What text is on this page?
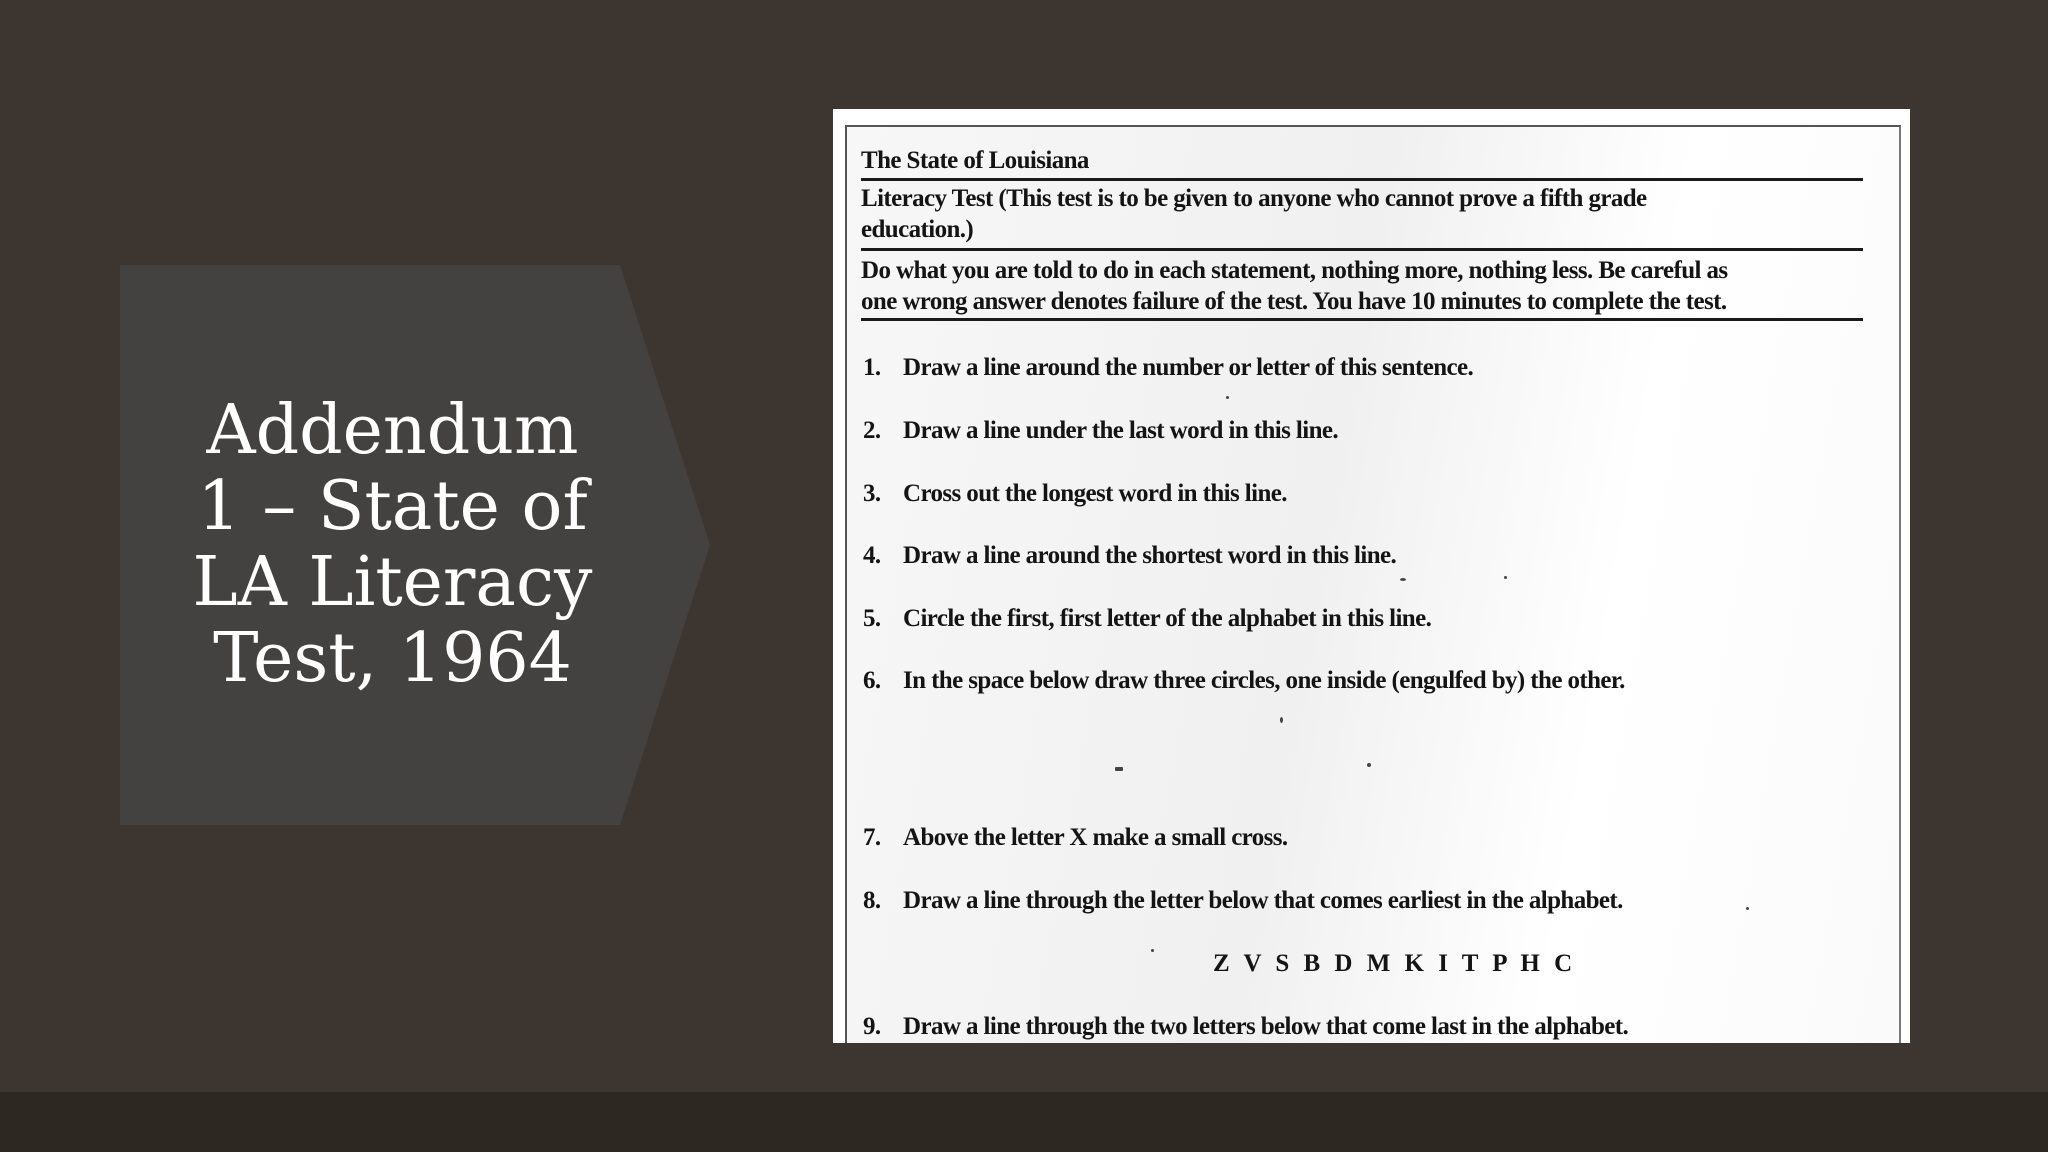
Addendum
1 – State of
LA Literacy
Test, 1964
The State of Louisiana
Literacy Test (This test is to be given to anyone who cannot prove a fifth grade
education.)
Do what you are told to do in each statement, nothing more, nothing less. Be careful as
one wrong answer denotes failure of the test. You have 10 minutes to complete the test.
1. Draw a line around the number or letter of this sentence.
2. Draw a line under the last word in this line.
3. Cross out the longest word in this line.
4. Draw a line around the shortest word in this line.
5. Circle the first, first letter of the alphabet in this line.
6. In the space below draw three circles, one inside (engulfed by) the other.
7. Above the letter X make a small cross.
8. Draw a line through the letter below that comes earliest in the alphabet.
Z V S B D M K I T P H C
9. Draw a line through the two letters below that come last in the alphabet.
